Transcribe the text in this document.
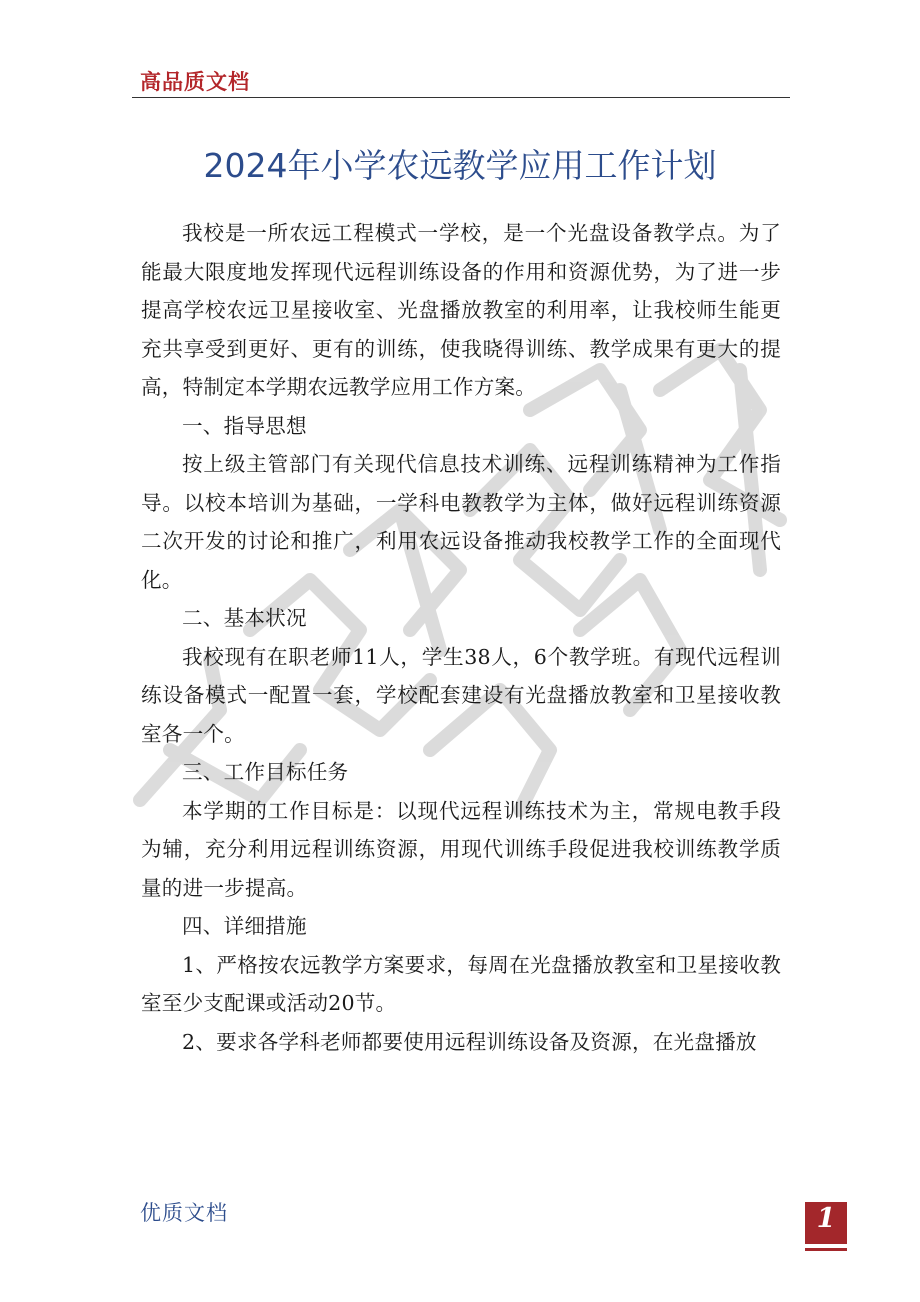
高品质文档
2024年小学农远教学应用工作计划

我校是一所农远工程模式一学校，是一个光盘设备教学点。为了能最大限度地发挥现代远程训练设备的作用和资源优势，为了进一步提高学校农远卫星接收室、光盘播放教室的利用率，让我校师生能更充共享受到更好、更有的训练，使我晓得训练、教学成果有更大的提高，特制定本学期农远教学应用工作方案。

一、指导思想

按上级主管部门有关现代信息技术训练、远程训练精神为工作指导。以校本培训为基础，一学科电教教学为主体，做好远程训练资源二次开发的讨论和推广，利用农远设备推动我校教学工作的全面现代化。

二、基本状况

我校现有在职老师11人，学生38人，6个教学班。有现代远程训练设备模式一配置一套，学校配套建设有光盘播放教室和卫星接收教室各一个。

三、工作目标任务

本学期的工作目标是：以现代远程训练技术为主，常规电教手段为辅，充分利用远程训练资源，用现代训练手段促进我校训练教学质量的进一步提高。

四、详细措施

1、严格按农远教学方案要求，每周在光盘播放教室和卫星接收教室至少支配课或活动20节。

2、要求各学科老师都要使用远程训练设备及资源，在光盘播放

优质文档	1
